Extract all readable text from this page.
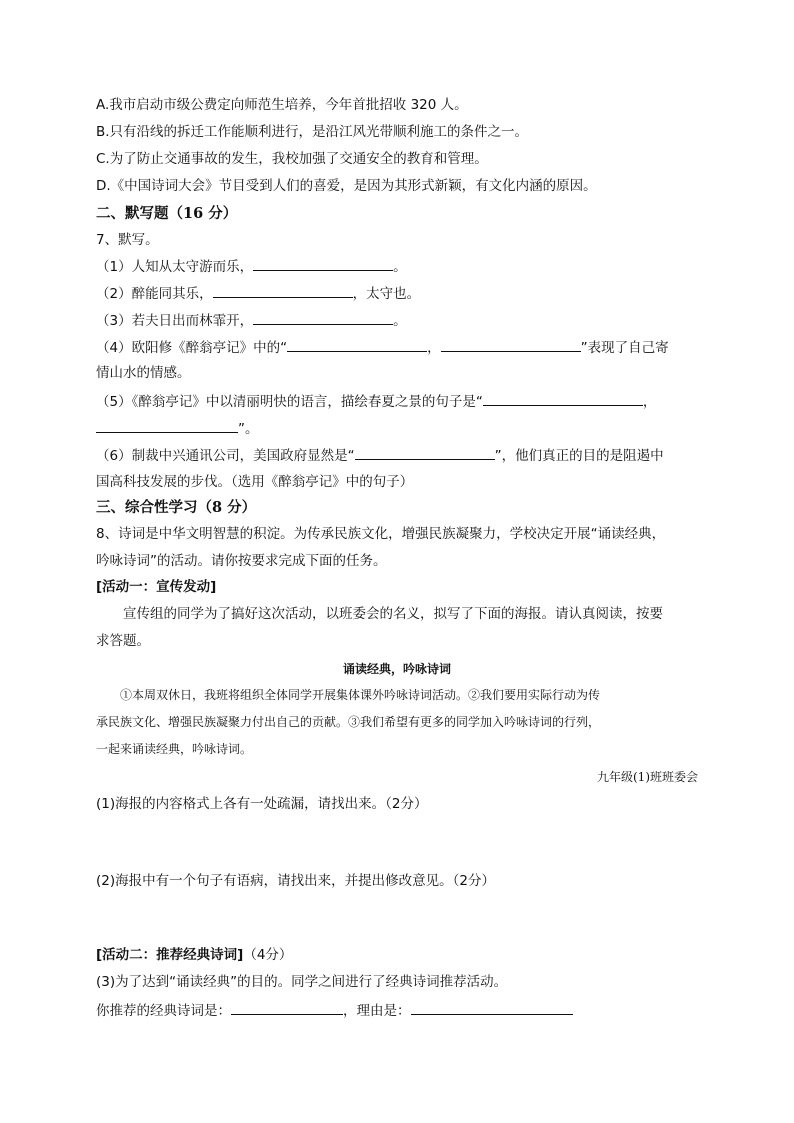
A.我市启动市级公费定向师范生培养，今年首批招收 320 人。
B.只有沿线的拆迁工作能顺利进行，是沿江风光带顺利施工的条件之一。
C.为了防止交通事故的发生，我校加强了交通安全的教育和管理。
D.《中国诗词大会》节目受到人们的喜爱，是因为其形式新颖，有文化内涵的原因。
二、默写题（16 分）
7、默写。
（1）人知从太守游而乐，	。
（2）醉能同其乐，	，太守也。
（3）若夫日出而林霏开，	。
（4）欧阳修《醉翁亭记》中的“	，	”表现了自己寄
情山水的情感。
（5）《醉翁亭记》中以清丽明快的语言，描绘春夏之景的句子是“	，
”。
（6）制裁中兴通讯公司，美国政府显然是“	”，他们真正的目的是阻遏中
国高科技发展的步伐。（选用《醉翁亭记》中的句子）
三、综合性学习（8 分）
8、诗词是中华文明智慧的积淀。为传承民族文化，增强民族凝聚力，学校决定开展“诵读经典，
吟咏诗词”的活动。请你按要求完成下面的任务。
[活动一：宣传发动]
宣传组的同学为了搞好这次活动，以班委会的名义，拟写了下面的海报。请认真阅读，按要
求答题。
诵读经典，吟咏诗词
①本周双休日，我班将组织全体同学开展集体课外吟咏诗词活动。②我们要用实际行动为传
承民族文化、增强民族凝聚力付出自己的贡献。③我们希望有更多的同学加入吟咏诗词的行列，
一起来诵读经典，吟咏诗词。
九年级(1)班班委会
(1)海报的内容格式上各有一处疏漏，请找出来。（2分）
(2)海报中有一个句子有语病，请找出来，并提出修改意见。（2分）
[活动二：推荐经典诗词]（4分）
(3)为了达到“诵读经典”的目的。同学之间进行了经典诗词推荐活动。
你推荐的经典诗词是：	，理由是：
